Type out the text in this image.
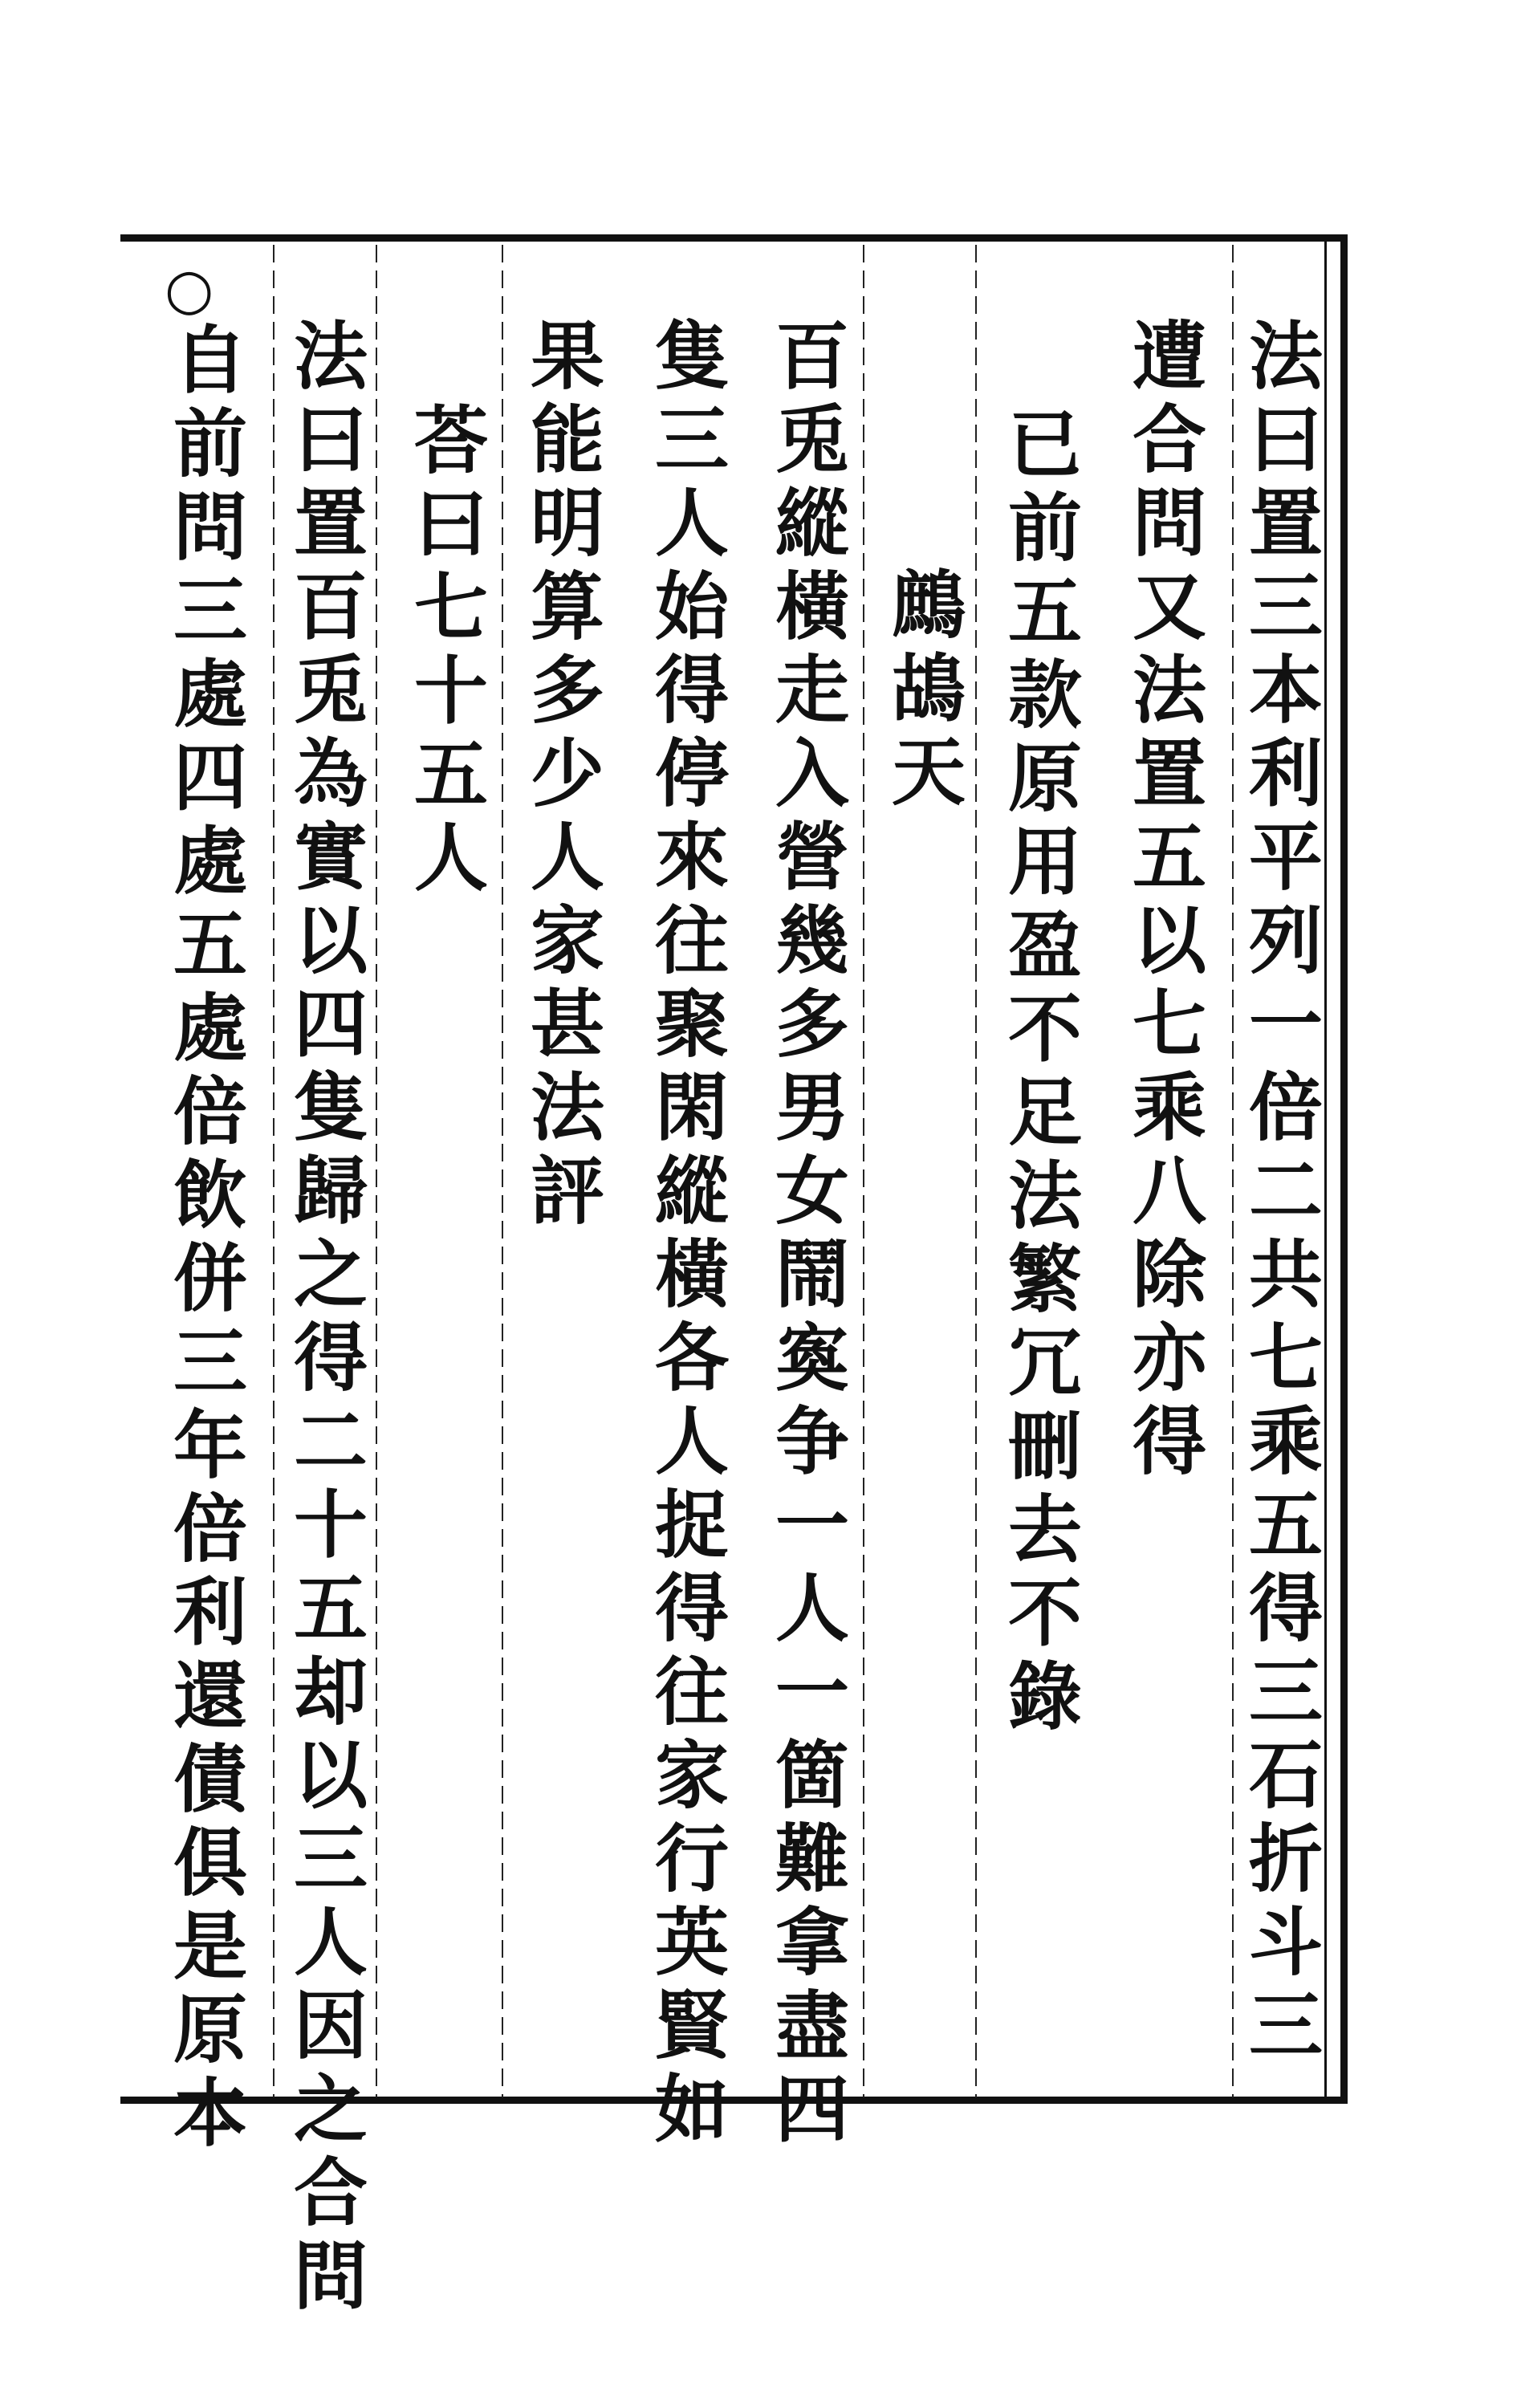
法曰置三本利平列一倍二共七乘五得三石折斗三
遭合問又法置五以七乘八除亦得
已前五款原用盈不足法繁冗刪去不錄
鷓鴣天
百兎縱橫走入營幾多男女鬧寏争一人一箇難拿盡四
隻三人始得停來往聚閑縱橫各人捉得往家行英賢如
果能明算多少人家甚法評
荅曰七十五人
法曰置百兎為實以四隻歸之得二十五却以三人因之合問
○
自前問三處四處五處倍飲併三年倍利還債俱是原本
